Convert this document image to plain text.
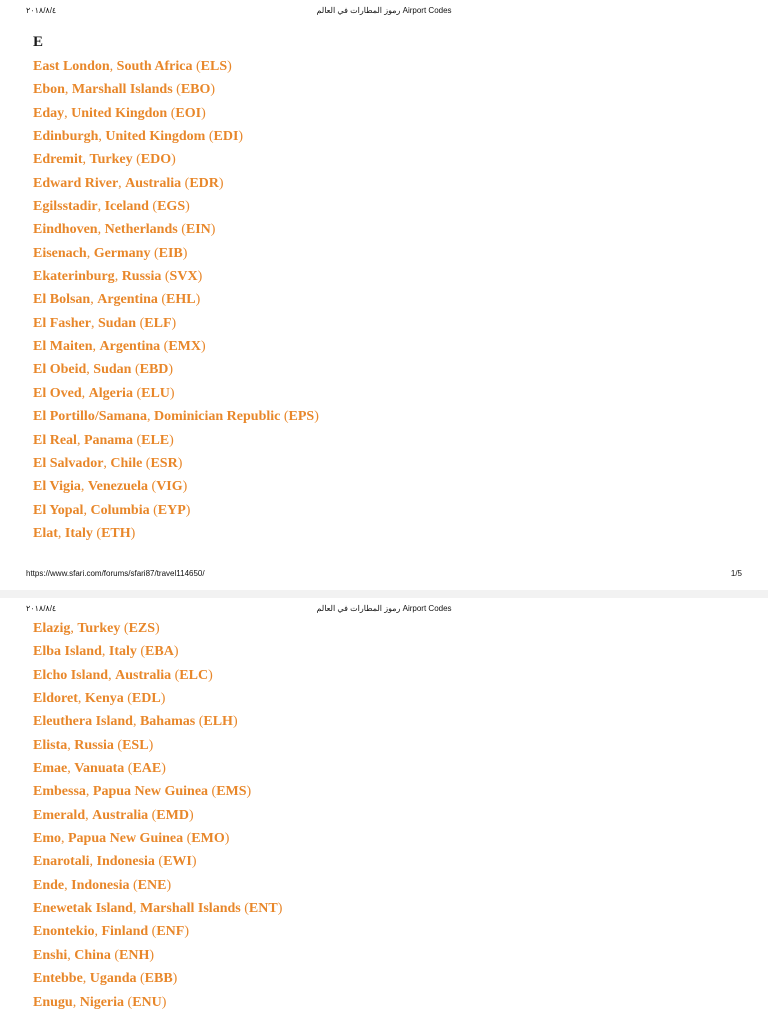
٢٠١٨/٨/٤	رموز المطارات في العالم Airport Codes
E
East London, South Africa (ELS)
Ebon, Marshall Islands (EBO)
Eday, United Kingdon (EOI)
Edinburgh, United Kingdom (EDI)
Edremit, Turkey (EDO)
Edward River, Australia (EDR)
Egilsstadir, Iceland (EGS)
Eindhoven, Netherlands (EIN)
Eisenach, Germany (EIB)
Ekaterinburg, Russia (SVX)
El Bolsan, Argentina (EHL)
El Fasher, Sudan (ELF)
El Maiten, Argentina (EMX)
El Obeid, Sudan (EBD)
El Oved, Algeria (ELU)
El Portillo/Samana, Dominician Republic (EPS)
El Real, Panama (ELE)
El Salvador, Chile (ESR)
El Vigia, Venezuela (VIG)
El Yopal, Columbia (EYP)
Elat, Italy (ETH)
https://www.sfari.com/forums/sfari87/travel114650/	1/5
٢٠١٨/٨/٤	رموز المطارات في العالم Airport Codes
Elazig, Turkey (EZS)
Elba Island, Italy (EBA)
Elcho Island, Australia (ELC)
Eldoret, Kenya (EDL)
Eleuthera Island, Bahamas (ELH)
Elista, Russia (ESL)
Emae, Vanuata (EAE)
Embessa, Papua New Guinea (EMS)
Emerald, Australia (EMD)
Emo, Papua New Guinea (EMO)
Enarotali, Indonesia (EWI)
Ende, Indonesia (ENE)
Enewetak Island, Marshall Islands (ENT)
Enontekio, Finland (ENF)
Enshi, China (ENH)
Entebbe, Uganda (EBB)
Enugu, Nigeria (ENU)
